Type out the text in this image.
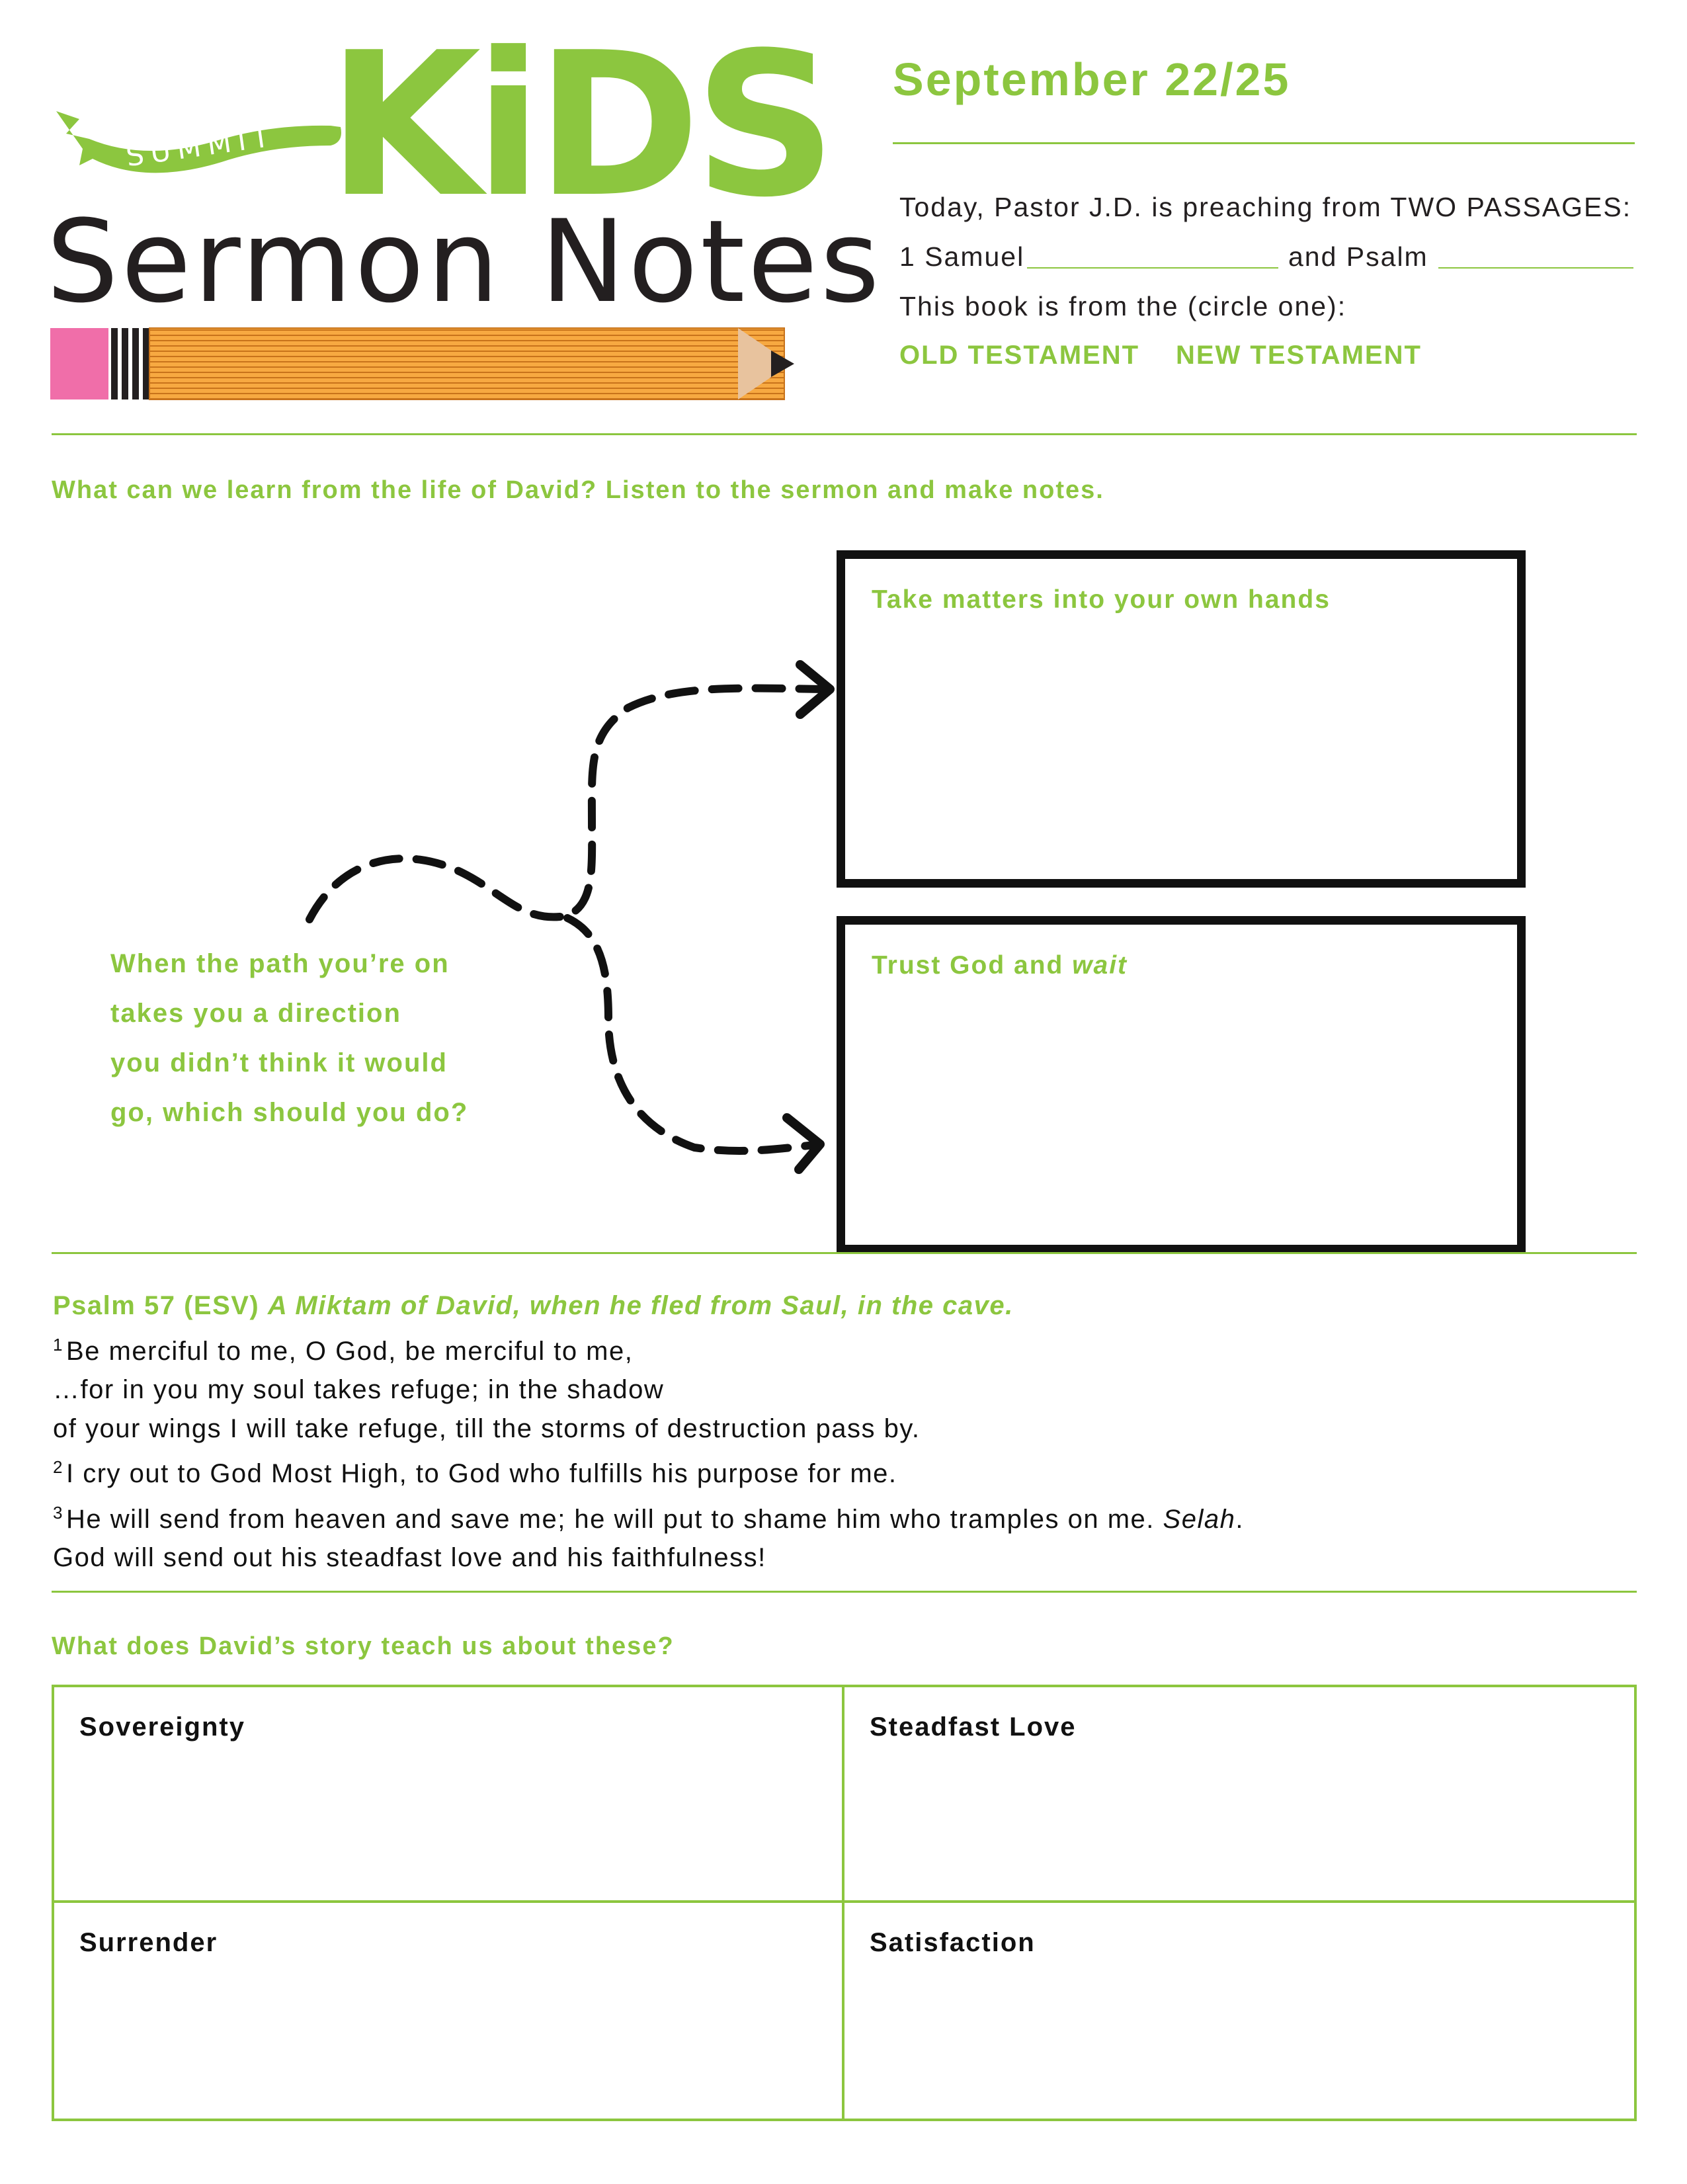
SUMMIT KiDS
Sermon Notes
September 22/25
Today, Pastor J.D. is preaching from TWO PASSAGES:
1 Samuel	and Psalm
This book is from the (circle one):
OLD TESTAMENT NEW TESTAMENT
What can we learn from the life of David? Listen to the sermon and make notes.
When the path you’re on
takes you a direction
you didn’t think it would
go, which should you do?
Take matters into your own hands
Trust God and wait
Psalm 57 (ESV) A Miktam of David, when he fled from Saul, in the cave.
$^1$ Be merciful to me, O God, be merciful to me,
…for in you my soul takes refuge; in the shadow
of your wings I will take refuge, till the storms of destruction pass by.
$^2$ I cry out to God Most High, to God who fulfills his purpose for me.
$^3$ He will send from heaven and save me; he will put to shame him who tramples on me. Selah.
God will send out his steadfast love and his faithfulness!
What does David’s story teach us about these?
Sovereignty	Steadfast Love
Surrender	Satisfaction
